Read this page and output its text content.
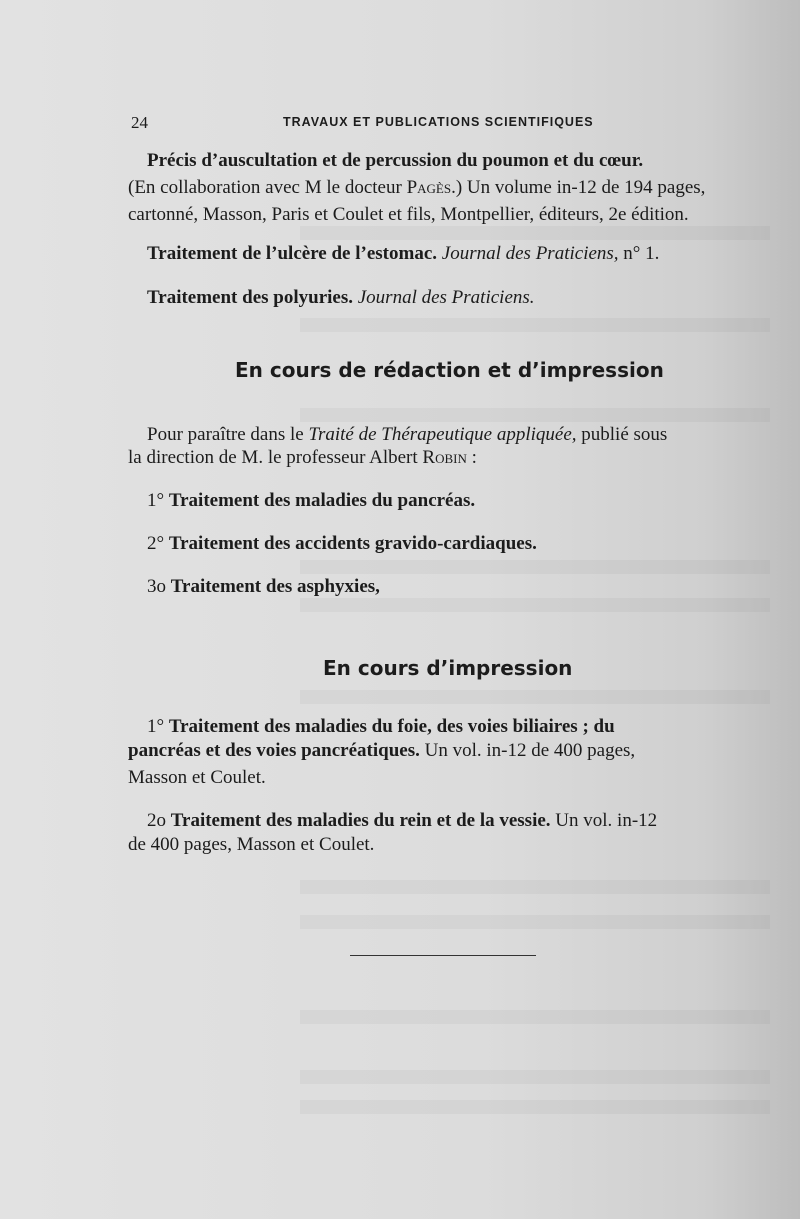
24	TRAVAUX ET PUBLICATIONS SCIENTIFIQUES
Précis d’auscultation et de percussion du poumon et du cœur.
(En collaboration avec M le docteur Pagès.) Un volume in-12 de 194 pages,
cartonné, Masson, Paris et Coulet et fils, Montpellier, éditeurs, 2e édition.
Traitement de l’ulcère de l’estomac. Journal des Praticiens, n° 1.
Traitement des polyuries. Journal des Praticiens.
En cours de rédaction et d’impression
Pour paraître dans le Traité de Thérapeutique appliquée, publié sous
la direction de M. le professeur Albert Robin :
1° Traitement des maladies du pancréas.
2° Traitement des accidents gravido-cardiaques.
3o Traitement des asphyxies,
En cours d’impression
1° Traitement des maladies du foie, des voies biliaires ; du
pancréas et des voies pancréatiques. Un vol. in-12 de 400 pages,
Masson et Coulet.
2o Traitement des maladies du rein et de la vessie. Un vol. in-12
de 400 pages, Masson et Coulet.
